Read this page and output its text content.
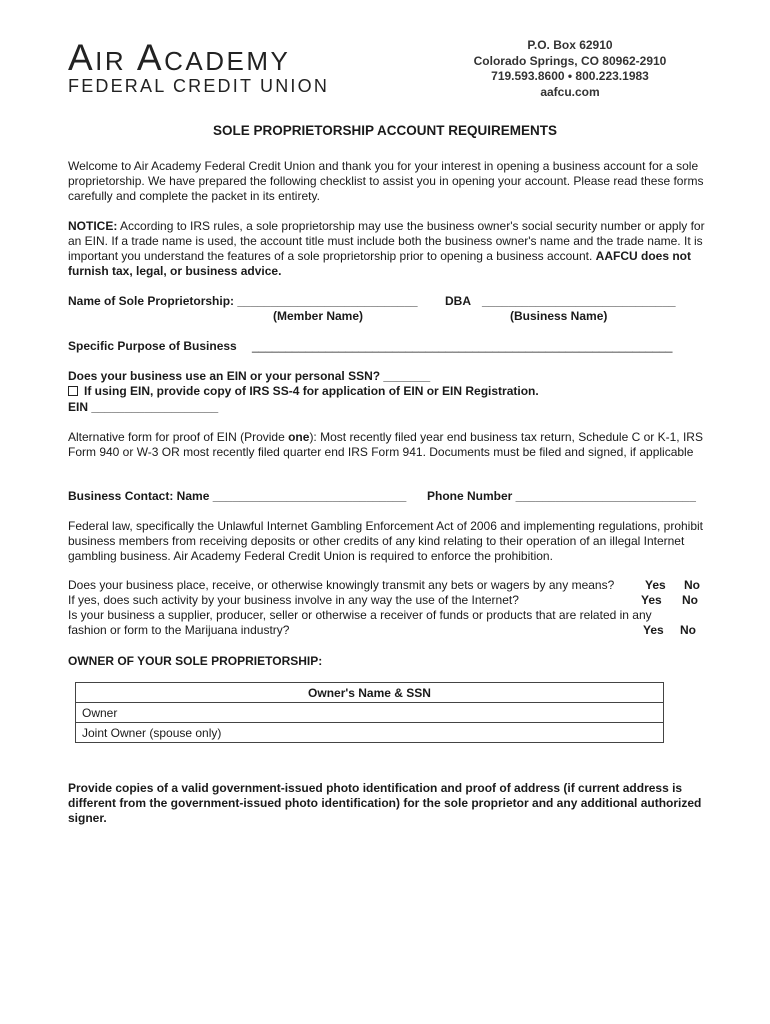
Air Academy
FEDERAL CREDIT UNION
P.O. Box 62910
Colorado Springs, CO 80962-2910
719.593.8600 • 800.223.1983
aafcu.com
SOLE PROPRIETORSHIP ACCOUNT REQUIREMENTS
Welcome to Air Academy Federal Credit Union and thank you for your interest in opening a business account for a sole proprietorship. We have prepared the following checklist to assist you in opening your account. Please read these forms carefully and complete the packet in its entirety.
NOTICE: According to IRS rules, a sole proprietorship may use the business owner's social security number or apply for an EIN. If a trade name is used, the account title must include both the business owner's name and the trade name. It is important you understand the features of a sole proprietorship prior to opening a business account. AAFCU does not furnish tax, legal, or business advice.
Name of Sole Proprietorship: ___________________________ DBA _____________________________
(Member Name)	(Business Name)
Specific Purpose of Business _______________________________________________________________
Does your business use an EIN or your personal SSN? _______
If using EIN, provide copy of IRS SS-4 for application of EIN or EIN Registration.
EIN ___________________
Alternative form for proof of EIN (Provide one): Most recently filed year end business tax return, Schedule C or K-1, IRS Form 940 or W-3 OR most recently filed quarter end IRS Form 941. Documents must be filed and signed, if applicable
Business Contact: Name _____________________________ Phone Number ___________________________
Federal law, specifically the Unlawful Internet Gambling Enforcement Act of 2006 and implementing regulations, prohibit business members from receiving deposits or other credits of any kind relating to their operation of an illegal Internet gambling business. Air Academy Federal Credit Union is required to enforce the prohibition.
Does your business place, receive, or otherwise knowingly transmit any bets or wagers by any means?	Yes No
If yes, does such activity by your business involve in any way the use of the Internet?	Yes No
Is your business a supplier, producer, seller or otherwise a receiver of funds or products that are related in any
fashion or form to the Marijuana industry?	Yes No
OWNER OF YOUR SOLE PROPRIETORSHIP:
Owner's Name & SSN
Owner
Joint Owner (spouse only)
Provide copies of a valid government-issued photo identification and proof of address (if current address is different from the government-issued photo identification) for the sole proprietor and any additional authorized signer.
